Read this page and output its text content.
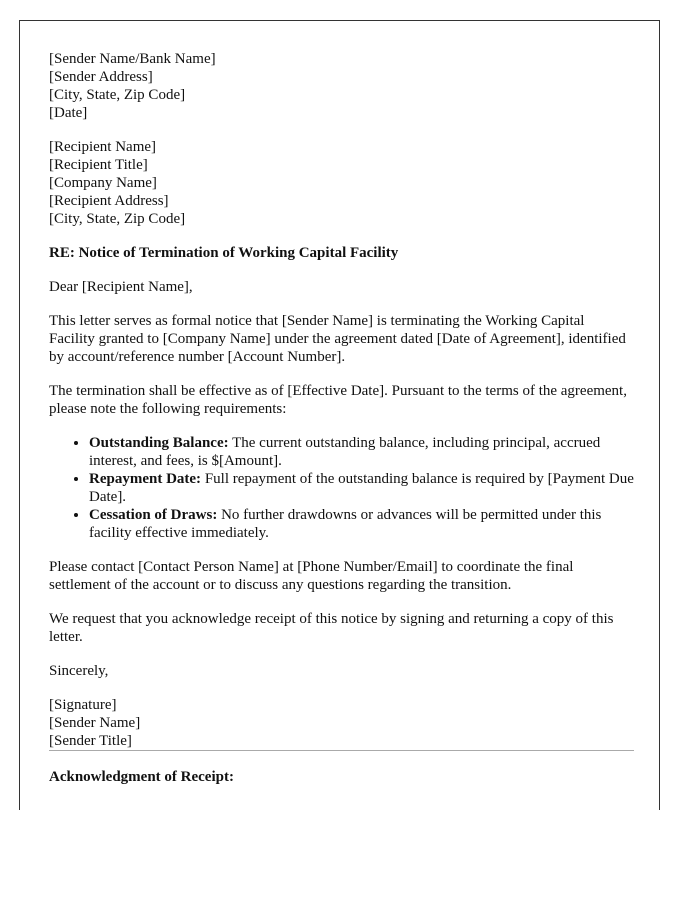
[Sender Name/Bank Name]
[Sender Address]
[City, State, Zip Code]
[Date]
[Recipient Name]
[Recipient Title]
[Company Name]
[Recipient Address]
[City, State, Zip Code]

RE: Notice of Termination of Working Capital Facility

Dear [Recipient Name],

This letter serves as formal notice that [Sender Name] is terminating the Working Capital Facility granted to [Company Name] under the agreement dated [Date of Agreement], identified by account/reference number [Account Number].

The termination shall be effective as of [Effective Date]. Pursuant to the terms of the agreement, please note the following requirements:

• Outstanding Balance: The current outstanding balance, including principal, accrued interest, and fees, is $[Amount].
• Repayment Date: Full repayment of the outstanding balance is required by [Payment Due Date].
• Cessation of Draws: No further drawdowns or advances will be permitted under this facility effective immediately.

Please contact [Contact Person Name] at [Phone Number/Email] to coordinate the final settlement of the account or to discuss any questions regarding the transition.

We request that you acknowledge receipt of this notice by signing and returning a copy of this letter.

Sincerely,

[Signature]
[Sender Name]
[Sender Title]

Acknowledgment of Receipt:
